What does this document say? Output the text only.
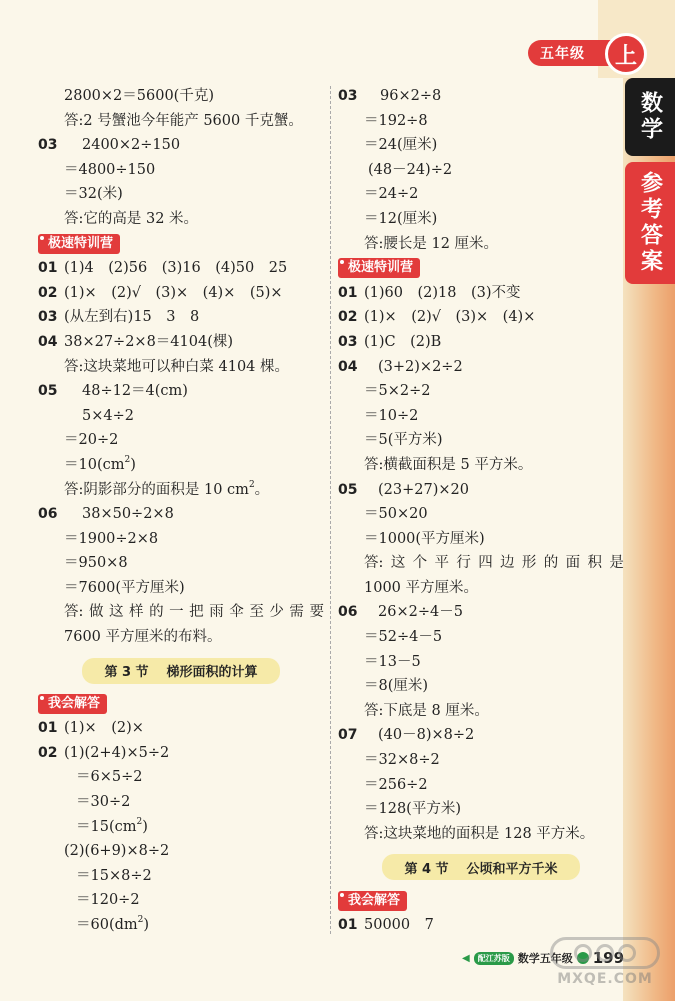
五年级	上
数学
参考答案
2800×2＝5600(千克)
答:2 号蟹池今年能产 5600 千克蟹。
03 2400×2÷150
＝4800÷150
＝32(米)
答:它的高是 32 米。
极速特训营
01 (1)4　(2)56　(3)16　(4)50　25
02 (1)×　(2)√　(3)×　(4)×　(5)×
03 (从左到右)15　3　8
04 38×27÷2×8＝4104(棵)
答:这块菜地可以种白菜 4104 棵。
05 48÷12＝4(cm)
5×4÷2
＝20÷2
$=10(cm^2)$
答:阴影部分的面积是 10 $cm^2$。
06 38×50÷2×8
＝1900÷2×8
＝950×8
＝7600(平方厘米)
答: 做 这 样 的 一 把 雨 伞 至 少 需 要
7600 平方厘米的布料。
第 3 节 梯形面积的计算
我会解答
01 (1)×　(2)×
02 (1)(2+4)×5÷2
＝6×5÷2
＝30÷2
$=15(cm^2)$
(2)(6+9)×8÷2
＝15×8÷2
＝120÷2
$=60(dm^2)$
03 96×2÷8
＝192÷8
＝24(厘米)
(48－24)÷2
＝24÷2
＝12(厘米)
答:腰长是 12 厘米。
极速特训营
01 (1)60　(2)18　(3)不变
02 (1)×　(2)√　(3)×　(4)×
03 (1)C　(2)B
04 (3+2)×2÷2
＝5×2÷2
＝10÷2
＝5(平方米)
答:横截面积是 5 平方米。
05 (23+27)×20
＝50×20
＝1000(平方厘米)
答: 这 个 平 行 四 边 形 的 面 积 是
1000 平方厘米。
06 26×2÷4－5
＝52÷4－5
＝13－5
＝8(厘米)
答:下底是 8 厘米。
07 (40－8)×8÷2
＝32×8÷2
＝256÷2
＝128(平方米)
答:这块菜地的面积是 128 平方米。
第 4 节 公顷和平方千米
我会解答
01 50000　7
◀	配江苏版 数学五年级 199
MXQE.COM
